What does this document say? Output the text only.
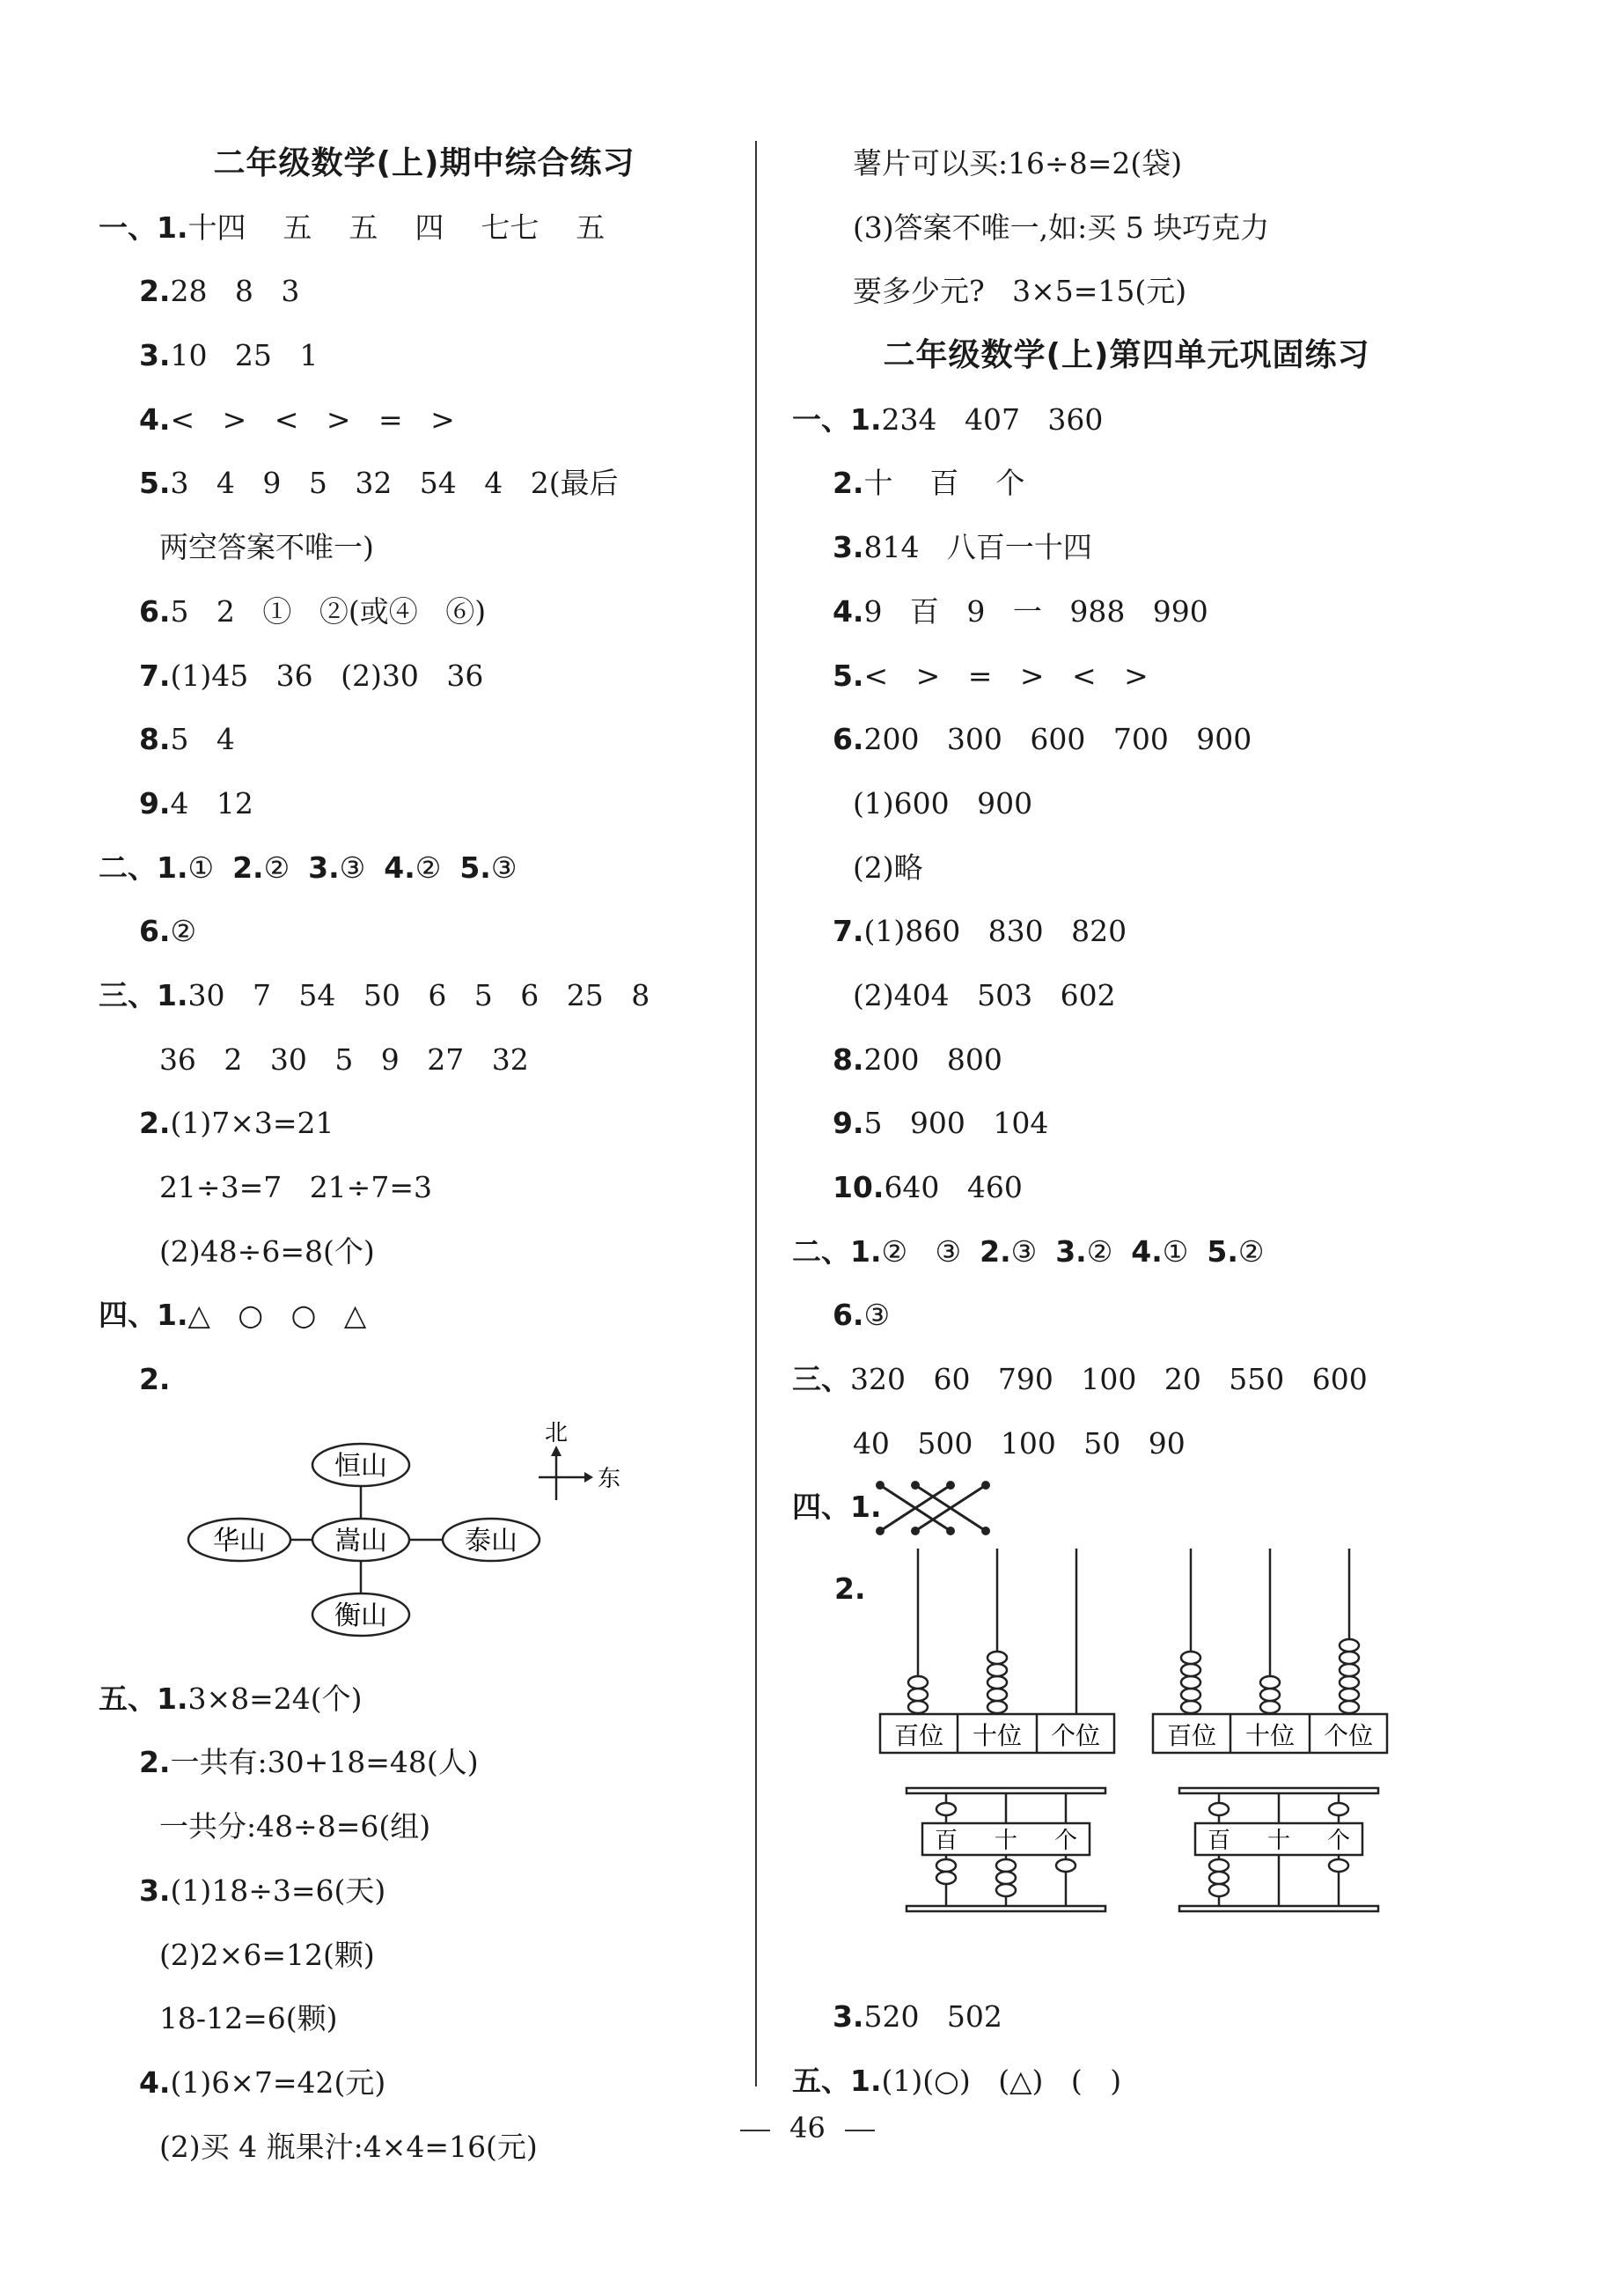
二年级数学(上)期中综合练习
一、1.十四    五    五    四    七七    五
2.28   8   3
3.10   25   1
4.<   >   <   >   =   >
5.3   4   9   5   32   54   4   2(最后
两空答案不唯一)
6.5   2   ①   ②(或④   ⑥)
7.(1)45   36   (2)30   36
8.5   4
9.4   12
二、1.①  2.②  3.③  4.②  5.③
6.②
三、1.30   7   54   50   6   5   6   25   8
36   2   30   5   9   27   32
2.(1)7×3=21
21÷3=7   21÷7=3
(2)48÷6=8(个)
四、1.△   ○   ○   △
2.
恒山
华山	嵩山	泰山
衡山
北
东
五、1.3×8=24(个)
2.一共有:30+18=48(人)
一共分:48÷8=6(组)
3.(1)18÷3=6(天)
(2)2×6=12(颗)
18-12=6(颗)
4.(1)6×7=42(元)
(2)买 4 瓶果汁:4×4=16(元)
薯片可以买:16÷8=2(袋)
(3)答案不唯一,如:买 5 块巧克力
要多少元?   3×5=15(元)
二年级数学(上)第四单元巩固练习
一、1.234   407   360
2.十    百    个
3.814   八百一十四
4.9   百   9   一   988   990
5.<   >   =   >   <   >
6.200   300   600   700   900
(1)600   900
(2)略
7.(1)860   830   820
(2)404   503   602
8.200   800
9.5   900   104
10.640   460
二、1.②   ③  2.③  3.②  4.①  5.②
6.③
三、320   60   790   100   20   550   600
40   500   100   50   90
四、1.
2.
百位 十位 个位	百位 十位 个位
百 十 个	百 十 个
3.520   502
五、1.(1)(○)   (△)   (   )
46
